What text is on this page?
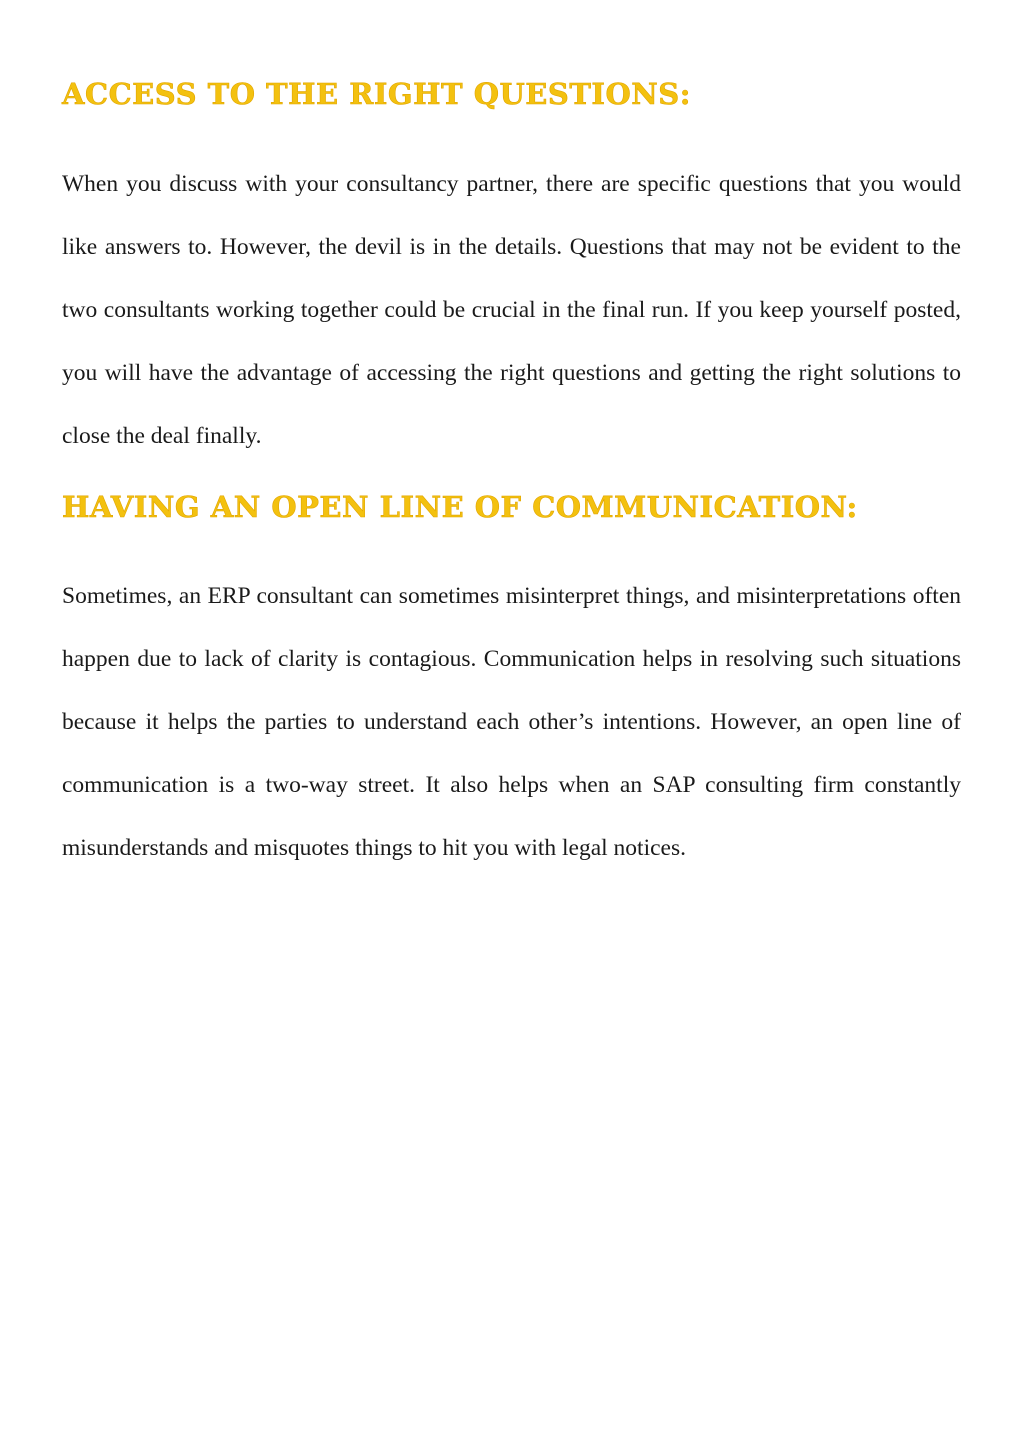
ACCESS TO THE RIGHT QUESTIONS:

When you discuss with your consultancy partner, there are specific questions that you would like answers to. However, the devil is in the details. Questions that may not be evident to the two consultants working together could be crucial in the final run. If you keep yourself posted, you will have the advantage of accessing the right questions and getting the right solutions to close the deal finally.

HAVING AN OPEN LINE OF COMMUNICATION:

Sometimes, an ERP consultant can sometimes misinterpret things, and misinterpretations often happen due to lack of clarity is contagious. Communication helps in resolving such situations because it helps the parties to understand each other’s intentions. However, an open line of communication is a two-way street. It also helps when an SAP consulting firm constantly misunderstands and misquotes things to hit you with legal notices.
